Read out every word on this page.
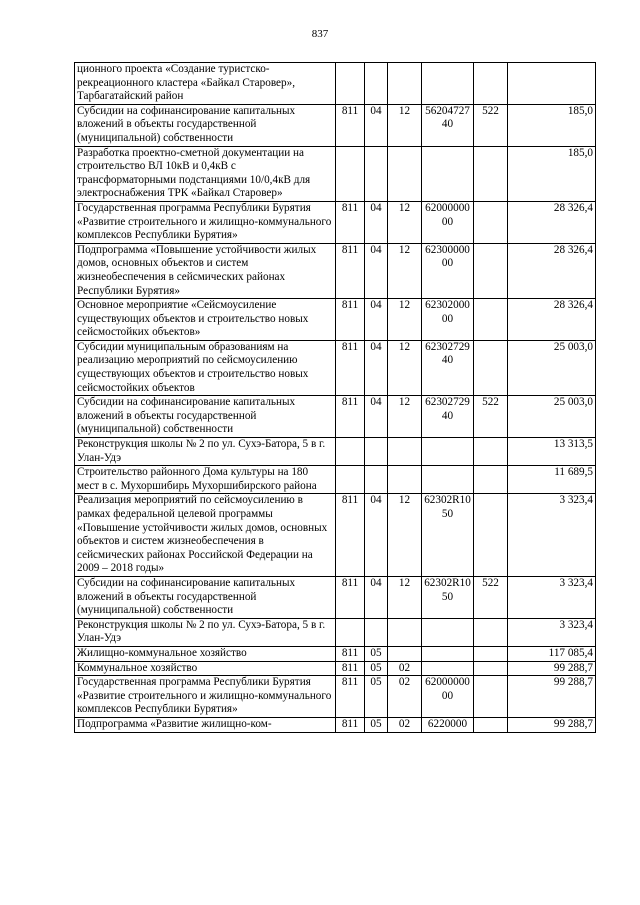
837
ционного проекта «Создание туристско-рекреационного кластера «Байкал Старовер», Тарбагатайский район						
Субсидии на софинансирование капитальных вложений в объекты государственной (муниципальной) собственности	811	04	12	5620472740	522	185,0
Разработка проектно-сметной документации на строительство ВЛ 10кВ и 0,4кВ с трансформаторными подстанциями 10/0,4кВ для электроснабжения ТРК «Байкал Старовер»						185,0
Государственная программа Республики Бурятия «Развитие строительного и жилищно-коммунального комплексов Республики Бурятия»	811	04	12	6200000000		28 326,4
Подпрограмма «Повышение устойчивости жилых домов, основных объектов и систем жизнеобеспечения в сейсмических районах Республики Бурятия»	811	04	12	6230000000		28 326,4
Основное мероприятие «Сейсмоусиление существующих объектов и строительство новых сейсмостойких объектов»	811	04	12	6230200000		28 326,4
Субсидии муниципальным образованиям на реализацию мероприятий по сейсмоусилению существующих объектов и строительство новых сейсмостойких объектов	811	04	12	6230272940		25 003,0
Субсидии на софинансирование капитальных вложений в объекты государственной (муниципальной) собственности	811	04	12	6230272940	522	25 003,0
Реконструкция школы № 2 по ул. Сухэ-Батора, 5 в г. Улан-Удэ						13 313,5
Строительство районного Дома культуры на 180 мест в с. Мухоршибирь Мухоршибирского района						11 689,5
Реализация мероприятий по сейсмоусилению в рамках федеральной целевой программы «Повышение устойчивости жилых домов, основных объектов и систем жизнеобеспечения в сейсмических районах Российской Федерации на 2009 – 2018 годы»	811	04	12	62302R1050		3 323,4
Субсидии на софинансирование капитальных вложений в объекты государственной (муниципальной) собственности	811	04	12	62302R1050	522	3 323,4
Реконструкция школы № 2 по ул. Сухэ-Батора, 5 в г. Улан-Удэ						3 323,4
Жилищно-коммунальное хозяйство	811	05				117 085,4
Коммунальное хозяйство	811	05	02			99 288,7
Государственная программа Республики Бурятия «Развитие строительного и жилищно-коммунального комплексов Республики Бурятия»	811	05	02	6200000000		99 288,7
Подпрограмма «Развитие жилищно-ком-	811	05	02	6220000		99 288,7
